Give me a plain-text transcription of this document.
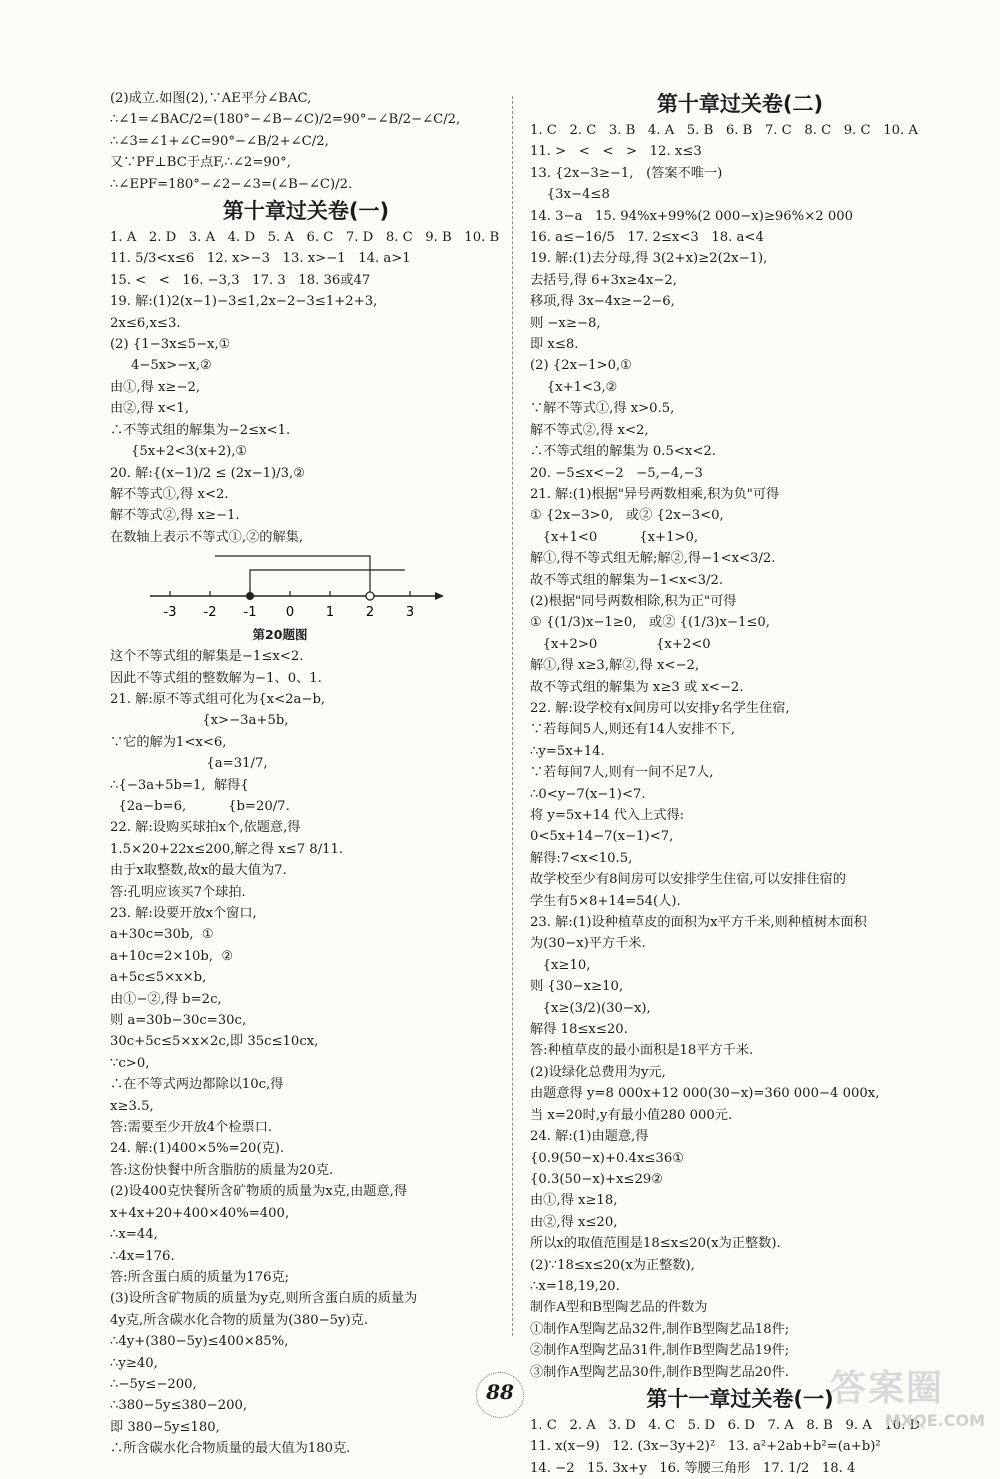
(2)成立.如图(2),∵AE平分∠BAC,
∴∠1=∠BAC/2=(180°−∠B−∠C)/2=90°−∠B/2−∠C/2,
∴∠3=∠1+∠C=90°−∠B/2+∠C/2,
又∵PF⊥BC于点F,∴∠2=90°,
∴∠EPF=180°−∠2−∠3=(∠B−∠C)/2.
第十章过关卷(一)
1. A   2. D   3. A   4. D   5. A   6. C   7. D   8. C   9. B   10. B
11. 5/3<x≤6   12. x>−3   13. x>−1   14. a>1
15. <   <   16. −3,3   17. 3   18. 36或47
19. 解:(1)2(x−1)−3≤1,2x−2−3≤1+2+3,
2x≤6,x≤3.
(2) {1−3x≤5−x,①
4−5x>−x,②
由①,得 x≥−2,
由②,得 x<1,
∴不等式组的解集为−2≤x<1.
{5x+2<3(x+2),①
20. 解:{(x−1)/2 ≤ (2x−1)/3,②
解不等式①,得 x<2.
解不等式②,得 x≥−1.
在数轴上表示不等式①,②的解集,
-3 -2 -1 0 1 2 3
第20题图
这个不等式组的解集是−1≤x<2.
因此不等式组的整数解为−1、0、1.
21. 解:原不等式组可化为{x<2a−b,
{x>−3a+5b,
∵它的解为1<x<6,
{a=31/7,
∴{−3a+5b=1,  解得{
{2a−b=6,          {b=20/7.
22. 解:设购买球拍x个,依题意,得
1.5×20+22x≤200,解之得 x≤7 8/11.
由于x取整数,故x的最大值为7.
答:孔明应该买7个球拍.
23. 解:设要开放x个窗口,
a+30c=30b,  ①
a+10c=2×10b,  ②
a+5c≤5×x×b,
由①−②,得 b=2c,
则 a=30b−30c=30c,
30c+5c≤5×x×2c,即 35c≤10cx,
∵c>0,
∴在不等式两边都除以10c,得
x≥3.5,
答:需要至少开放4个检票口.
24. 解:(1)400×5%=20(克).
答:这份快餐中所含脂肪的质量为20克.
(2)设400克快餐所含矿物质的质量为x克,由题意,得
x+4x+20+400×40%=400,
∴x=44,
∴4x=176.
答:所含蛋白质的质量为176克;
(3)设所含矿物质的质量为y克,则所含蛋白质的质量为
4y克,所含碳水化合物的质量为(380−5y)克.
∴4y+(380−5y)≤400×85%,
∴y≥40,
∴−5y≤−200,
∴380−5y≤380−200,
即 380−5y≤180,
∴所含碳水化合物质量的最大值为180克.
第十章过关卷(二)
1. C   2. C   3. B   4. A   5. B   6. B   7. C   8. C   9. C   10. A
11. >   <   <   >   12. x≤3
13. {2x−3≥−1,   (答案不唯一)
{3x−4≤8
14. 3−a   15. 94%x+99%(2 000−x)≥96%×2 000
16. a≤−16/5   17. 2≤x<3   18. a<4
19. 解:(1)去分母,得 3(2+x)≥2(2x−1),
去括号,得 6+3x≥4x−2,
移项,得 3x−4x≥−2−6,
则 −x≥−8,
即 x≤8.
(2) {2x−1>0,①
{x+1<3,②
∵解不等式①,得 x>0.5,
解不等式②,得 x<2,
∴不等式组的解集为 0.5<x<2.
20. −5≤x<−2   −5,−4,−3
21. 解:(1)根据"异号两数相乘,积为负"可得
① {2x−3>0,   或② {2x−3<0,
{x+1<0          {x+1>0,
解①,得不等式组无解;解②,得−1<x<3/2.
故不等式组的解集为−1<x<3/2.
(2)根据"同号两数相除,积为正"可得
① {(1/3)x−1≥0,   或② {(1/3)x−1≤0,
{x+2>0              {x+2<0
解①,得 x≥3,解②,得 x<−2,
故不等式组的解集为 x≥3 或 x<−2.
22. 解:设学校有x间房可以安排y名学生住宿,
∵若每间5人,则还有14人安排不下,
∴y=5x+14.
∵若每间7人,则有一间不足7人,
∴0<y−7(x−1)<7.
将 y=5x+14 代入上式得:
0<5x+14−7(x−1)<7,
解得:7<x<10.5,
故学校至少有8间房可以安排学生住宿,可以安排住宿的
学生有5×8+14=54(人).
23. 解:(1)设种植草皮的面积为x平方千米,则种植树木面积
为(30−x)平方千米.
{x≥10,
则 {30−x≥10,
{x≥(3/2)(30−x),
解得 18≤x≤20.
答:种植草皮的最小面积是18平方千米.
(2)设绿化总费用为y元,
由题意得 y=8 000x+12 000(30−x)=360 000−4 000x,
当 x=20时,y有最小值280 000元.
24. 解:(1)由题意,得
{0.9(50−x)+0.4x≤36①
{0.3(50−x)+x≤29②
由①,得 x≥18,
由②,得 x≤20,
所以x的取值范围是18≤x≤20(x为正整数).
(2)∵18≤x≤20(x为正整数),
∴x=18,19,20.
制作A型和B型陶艺品的件数为
①制作A型陶艺品32件,制作B型陶艺品18件;
②制作A型陶艺品31件,制作B型陶艺品19件;
③制作A型陶艺品30件,制作B型陶艺品20件.
第十一章过关卷(一)
1. C   2. A   3. D   4. C   5. D   6. D   7. A   8. B   9. A   10. D
11. x(x−9)   12. (3x−3y+2)²   13. a²+2ab+b²=(a+b)²
14. −2   15. 3x+y   16. 等腰三角形   17. 1/2   18. 4
88	答案圈
MXQE.COM
